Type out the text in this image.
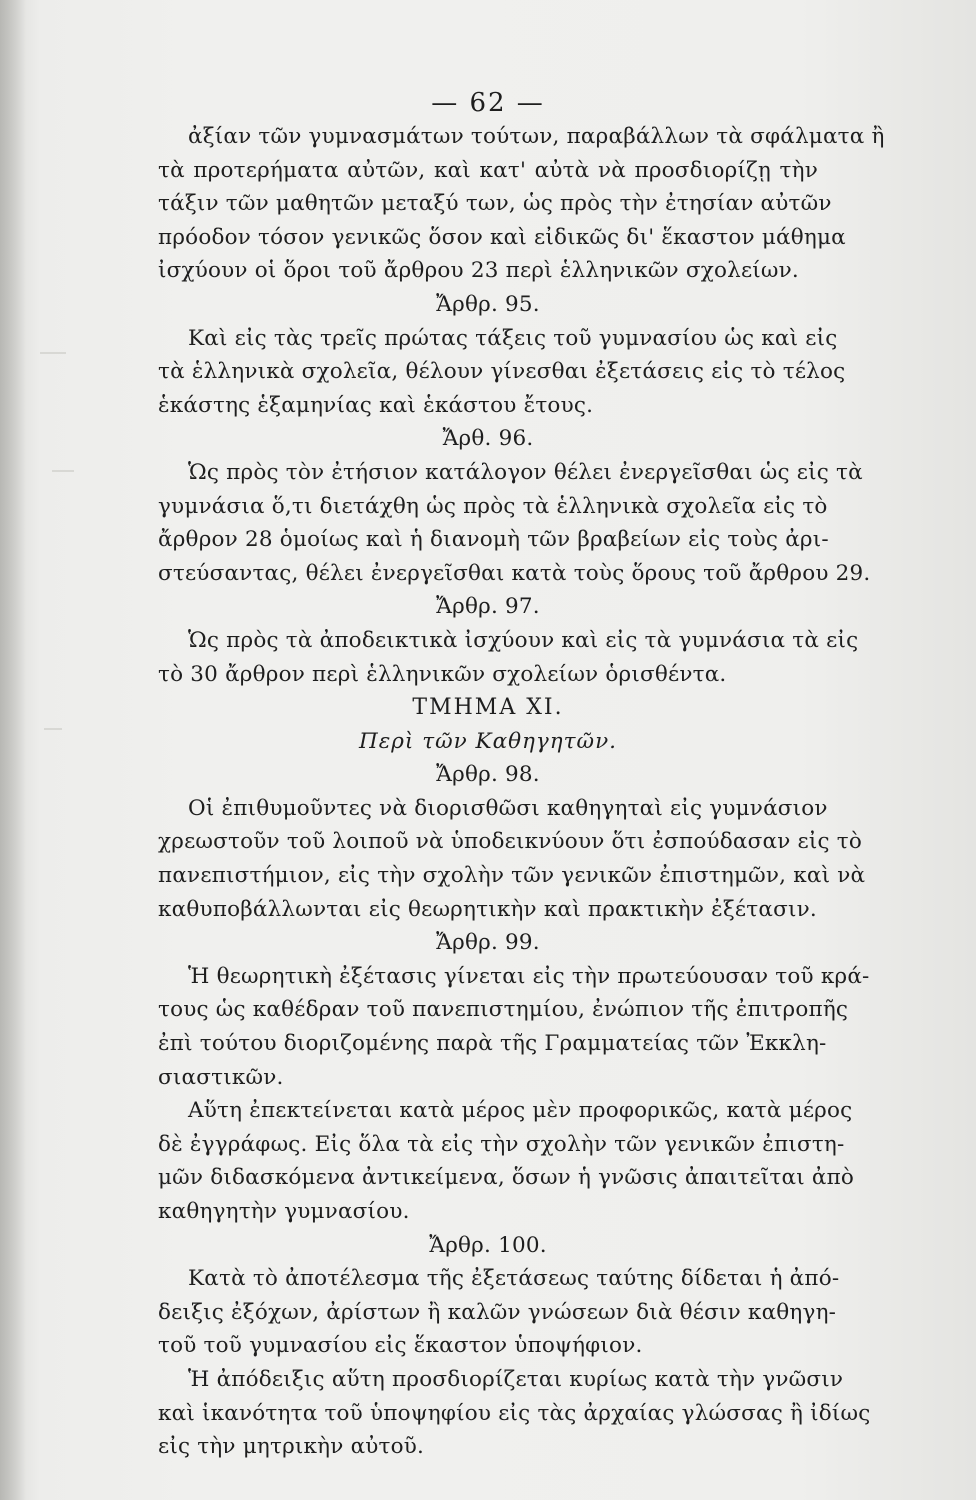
— 62 —

ἀξίαν τῶν γυμνασμάτων τούτων, παραβάλλων τὰ σφάλματα ἢ

τὰ προτερήματα αὐτῶν, καὶ κατ' αὐτὰ νὰ προσδιορίζῃ τὴν

τάξιν τῶν μαθητῶν μεταξύ των, ὡς πρὸς τὴν ἐτησίαν αὐτῶν

πρόοδον τόσον γενικῶς ὅσον καὶ εἰδικῶς δι' ἕκαστον μάθημα

ἰσχύουν οἱ ὅροι τοῦ ἄρθρου 23 περὶ ἑλληνικῶν σχολείων.

Ἄρθρ. 95.

Καὶ εἰς τὰς τρεῖς πρώτας τάξεις τοῦ γυμνασίου ὡς καὶ εἰς

τὰ ἑλληνικὰ σχολεῖα, θέλουν γίνεσθαι ἐξετάσεις εἰς τὸ τέλος

ἑκάστης ἑξαμηνίας καὶ ἑκάστου ἔτους.

Ἄρθ. 96.

Ὡς πρὸς τὸν ἐτήσιον κατάλογον θέλει ἐνεργεῖσθαι ὡς εἰς τὰ

γυμνάσια ὅ,τι διετάχθη ὡς πρὸς τὰ ἑλληνικὰ σχολεῖα εἰς τὸ

ἄρθρον 28 ὁμοίως καὶ ἡ διανομὴ τῶν βραβείων εἰς τοὺς ἀρι-

στεύσαντας, θέλει ἐνεργεῖσθαι κατὰ τοὺς ὅρους τοῦ ἄρθρου 29.

Ἄρθρ. 97.

Ὡς πρὸς τὰ ἀποδεικτικὰ ἰσχύουν καὶ εἰς τὰ γυμνάσια τὰ εἰς

τὸ 30 ἄρθρον περὶ ἑλληνικῶν σχολείων ὁρισθέντα.

ΤΜΗΜΑ ΧΙ.

Περὶ τῶν Καθηγητῶν.

Ἄρθρ. 98.

Οἱ ἐπιθυμοῦντες νὰ διορισθῶσι καθηγηταὶ εἰς γυμνάσιον

χρεωστοῦν τοῦ λοιποῦ νὰ ὑποδεικνύουν ὅτι ἐσπούδασαν εἰς τὸ

πανεπιστήμιον, εἰς τὴν σχολὴν τῶν γενικῶν ἐπιστημῶν, καὶ νὰ

καθυποβάλλωνται εἰς θεωρητικὴν καὶ πρακτικὴν ἐξέτασιν.

Ἄρθρ. 99.

Ἡ θεωρητικὴ ἐξέτασις γίνεται εἰς τὴν πρωτεύουσαν τοῦ κρά-

τους ὡς καθέδραν τοῦ πανεπιστημίου, ἐνώπιον τῆς ἐπιτροπῆς

ἐπὶ τούτου διοριζομένης παρὰ τῆς Γραμματείας τῶν Ἐκκλη-

σιαστικῶν.

Αὕτη ἐπεκτείνεται κατὰ μέρος μὲν προφορικῶς, κατὰ μέρος

δὲ ἐγγράφως. Εἰς ὅλα τὰ εἰς τὴν σχολὴν τῶν γενικῶν ἐπιστη-

μῶν διδασκόμενα ἀντικείμενα, ὅσων ἡ γνῶσις ἀπαιτεῖται ἀπὸ

καθηγητὴν γυμνασίου.

Ἄρθρ. 100.

Κατὰ τὸ ἀποτέλεσμα τῆς ἐξετάσεως ταύτης δίδεται ἡ ἀπό-

δειξις ἐξόχων, ἀρίστων ἢ καλῶν γνώσεων διὰ θέσιν καθηγη-

τοῦ τοῦ γυμνασίου εἰς ἕκαστον ὑποψήφιον.

Ἡ ἀπόδειξις αὕτη προσδιορίζεται κυρίως κατὰ τὴν γνῶσιν

καὶ ἱκανότητα τοῦ ὑποψηφίου εἰς τὰς ἀρχαίας γλώσσας ἢ ἰδίως

εἰς τὴν μητρικὴν αὐτοῦ.
